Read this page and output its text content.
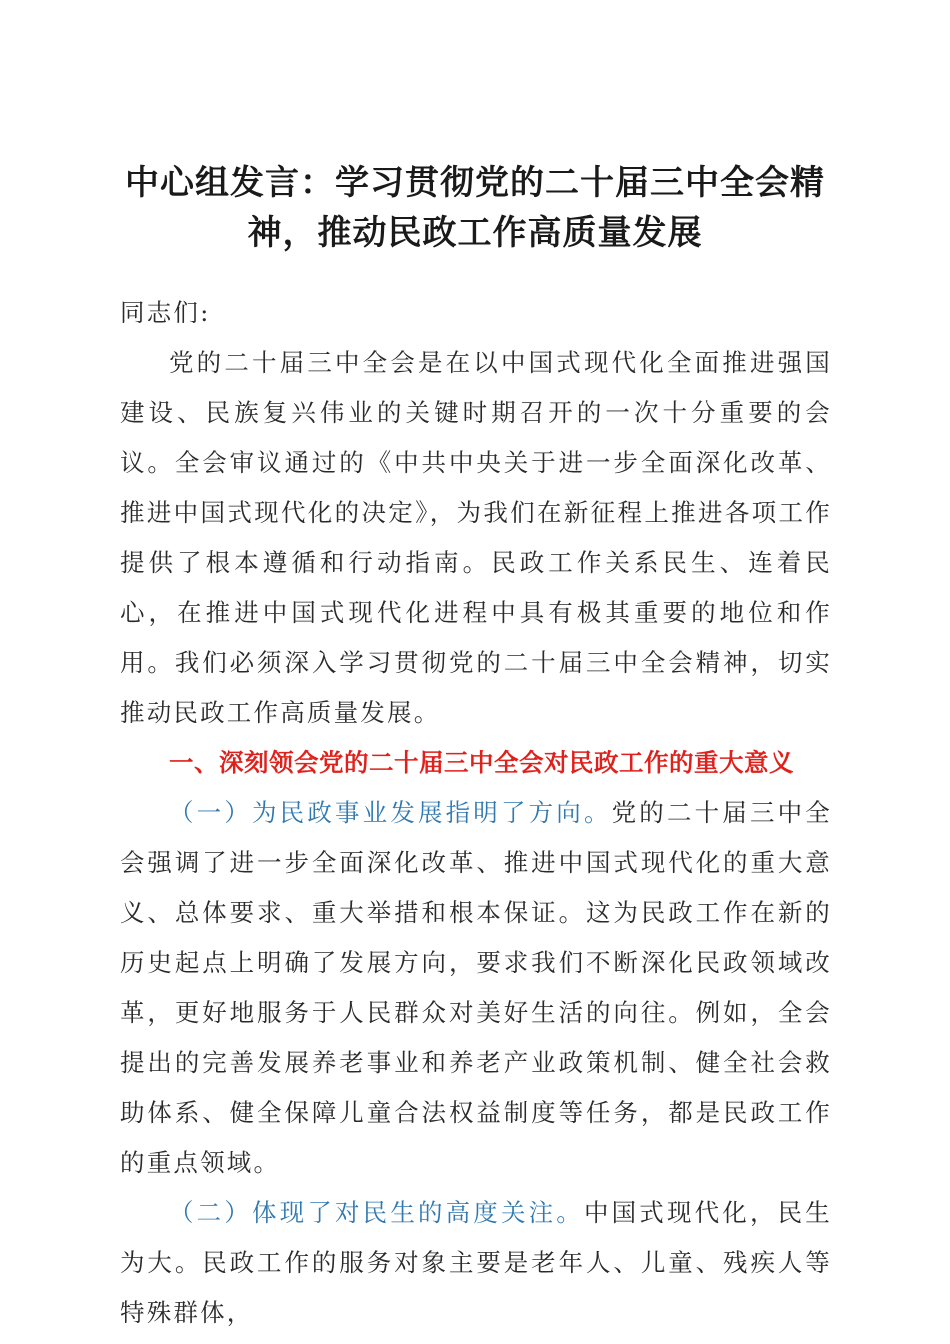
中心组发言：学习贯彻党的二十届三中全会精神，推动民政工作高质量发展

同志们:

党的二十届三中全会是在以中国式现代化全面推进强国建设、民族复兴伟业的关键时期召开的一次十分重要的会议。全会审议通过的《中共中央关于进一步全面深化改革、推进中国式现代化的决定》，为我们在新征程上推进各项工作提供了根本遵循和行动指南。民政工作关系民生、连着民心，在推进中国式现代化进程中具有极其重要的地位和作用。我们必须深入学习贯彻党的二十届三中全会精神，切实推动民政工作高质量发展。

一、深刻领会党的二十届三中全会对民政工作的重大意义

（一）为民政事业发展指明了方向。党的二十届三中全会强调了进一步全面深化改革、推进中国式现代化的重大意义、总体要求、重大举措和根本保证。这为民政工作在新的历史起点上明确了发展方向，要求我们不断深化民政领域改革，更好地服务于人民群众对美好生活的向往。例如，全会提出的完善发展养老事业和养老产业政策机制、健全社会救助体系、健全保障儿童合法权益制度等任务，都是民政工作的重点领域。

（二）体现了对民生的高度关注。中国式现代化，民生为大。民政工作的服务对象主要是老年人、儿童、残疾人等特殊群体，
